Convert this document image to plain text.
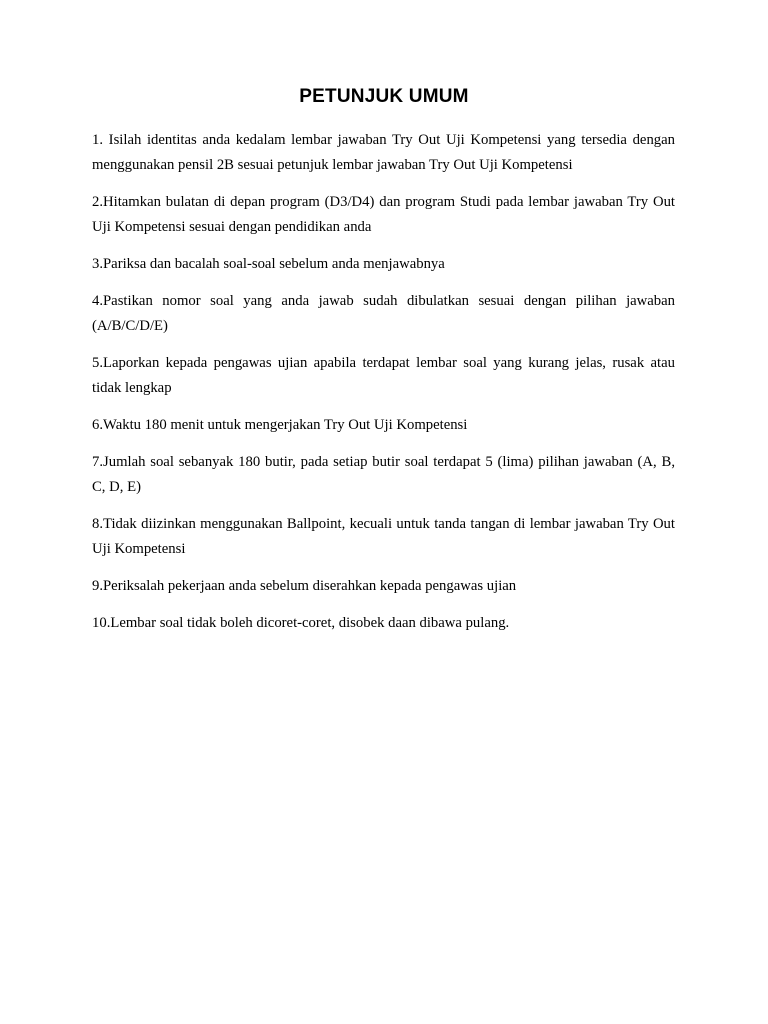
PETUNJUK UMUM

1. Isilah identitas anda kedalam lembar jawaban Try Out Uji Kompetensi yang tersedia dengan menggunakan pensil 2B sesuai petunjuk lembar jawaban Try Out Uji Kompetensi

2.Hitamkan bulatan di depan program (D3/D4) dan program Studi pada lembar jawaban Try Out Uji Kompetensi sesuai dengan pendidikan anda

3.Pariksa dan bacalah soal-soal sebelum anda menjawabnya

4.Pastikan nomor soal yang anda jawab sudah dibulatkan sesuai dengan pilihan jawaban (A/B/C/D/E)

5.Laporkan kepada pengawas ujian apabila terdapat lembar soal yang kurang jelas, rusak atau tidak lengkap

6.Waktu 180 menit untuk mengerjakan Try Out Uji Kompetensi

7.Jumlah soal sebanyak 180 butir, pada setiap butir soal terdapat 5 (lima) pilihan jawaban (A, B, C, D, E)

8.Tidak diizinkan menggunakan Ballpoint, kecuali untuk tanda tangan di lembar jawaban Try Out Uji Kompetensi

9.Periksalah pekerjaan anda sebelum diserahkan kepada pengawas ujian

10.Lembar soal tidak boleh dicoret-coret, disobek daan dibawa pulang.
